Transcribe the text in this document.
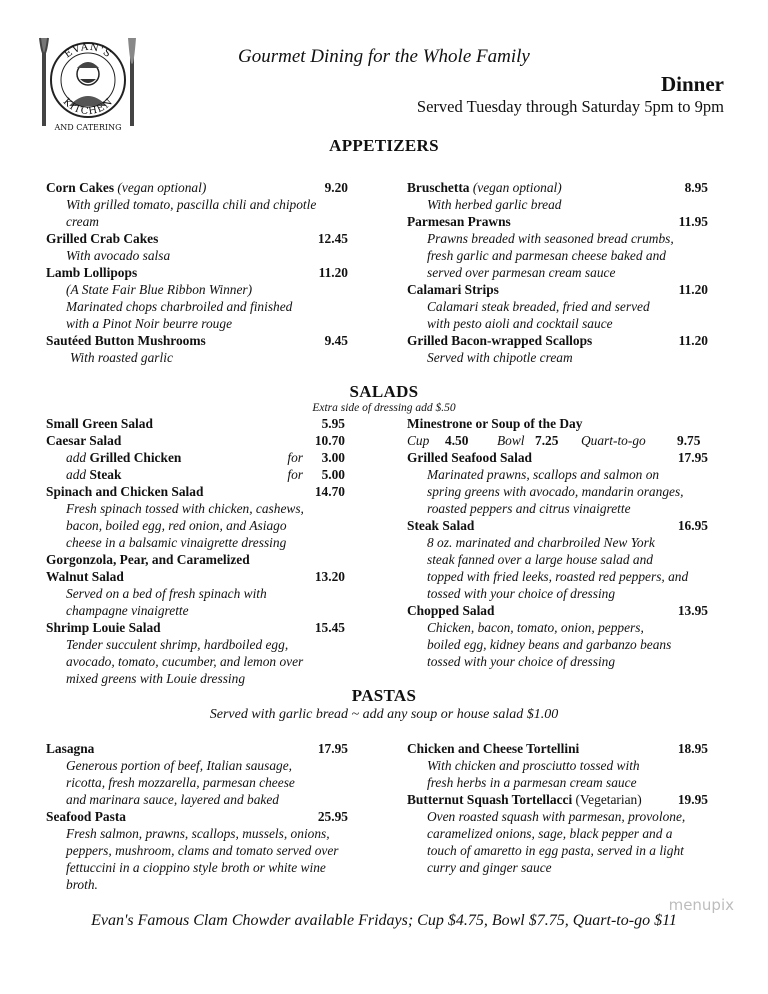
EVAN'S
KITCHEN
AND CATERING
Gourmet Dining for the Whole Family
Dinner
Served Tuesday through Saturday 5pm to 9pm
APPETIZERS
Corn Cakes (vegan optional)	9.20
With grilled tomato, pascilla chili and chipotle cream
Grilled Crab Cakes	12.45
With avocado salsa
Lamb Lollipops	11.20
(A State Fair Blue Ribbon Winner)
Marinated chops charbroiled and finished
with a Pinot Noir beurre rouge
Sautéed Button Mushrooms	9.45
With roasted garlic
Bruschetta (vegan optional)	8.95
With herbed garlic bread
Parmesan Prawns	11.95
Prawns breaded with seasoned bread crumbs,
fresh garlic and parmesan cheese baked and
served over parmesan cream sauce
Calamari Strips	11.20
Calamari steak breaded, fried and served
with pesto aioli and cocktail sauce
Grilled Bacon-wrapped Scallops	11.20
Served with chipotle cream
SALADS
Extra side of dressing add $.50
Small Green Salad	5.95
Caesar Salad	10.70
add Grilled Chicken	for	3.00
add Steak	for	5.00
Spinach and Chicken Salad	14.70
Fresh spinach tossed with chicken, cashews,
bacon, boiled egg, red onion, and Asiago
cheese in a balsamic vinaigrette dressing
Gorgonzola, Pear, and Caramelized
Walnut Salad	13.20
Served on a bed of fresh spinach with
champagne vinaigrette
Shrimp Louie Salad	15.45
Tender succulent shrimp, hardboiled egg,
avocado, tomato, cucumber, and lemon over
mixed greens with Louie dressing
Minestrone or Soup of the Day
Cup	4.50	Bowl 7.25	Quart-to-go	9.75
Grilled Seafood Salad	17.95
Marinated prawns, scallops and salmon on
spring greens with avocado, mandarin oranges,
roasted peppers and citrus vinaigrette
Steak Salad	16.95
8 oz. marinated and charbroiled New York
steak fanned over a large house salad and
topped with fried leeks, roasted red peppers, and
tossed with your choice of dressing
Chopped Salad	13.95
Chicken, bacon, tomato, onion, peppers,
boiled egg, kidney beans and garbanzo beans
tossed with your choice of dressing
PASTAS
Served with garlic bread ~ add any soup or house salad $1.00
Lasagna	17.95
Generous portion of beef, Italian sausage,
ricotta, fresh mozzarella, parmesan cheese
and marinara sauce, layered and baked
Seafood Pasta	25.95
Fresh salmon, prawns, scallops, mussels, onions,
peppers, mushroom, clams and tomato served over
fettuccini in a cioppino style broth or white wine
broth.
Chicken and Cheese Tortellini	18.95
With chicken and prosciutto tossed with
fresh herbs in a parmesan cream sauce
Butternut Squash Tortellacci (Vegetarian)	19.95
Oven roasted squash with parmesan, provolone,
caramelized onions, sage, black pepper and a
touch of amaretto in egg pasta, served in a light
curry and ginger sauce
menupix
Evan's Famous Clam Chowder available Fridays; Cup $4.75, Bowl $7.75, Quart-to-go $11
